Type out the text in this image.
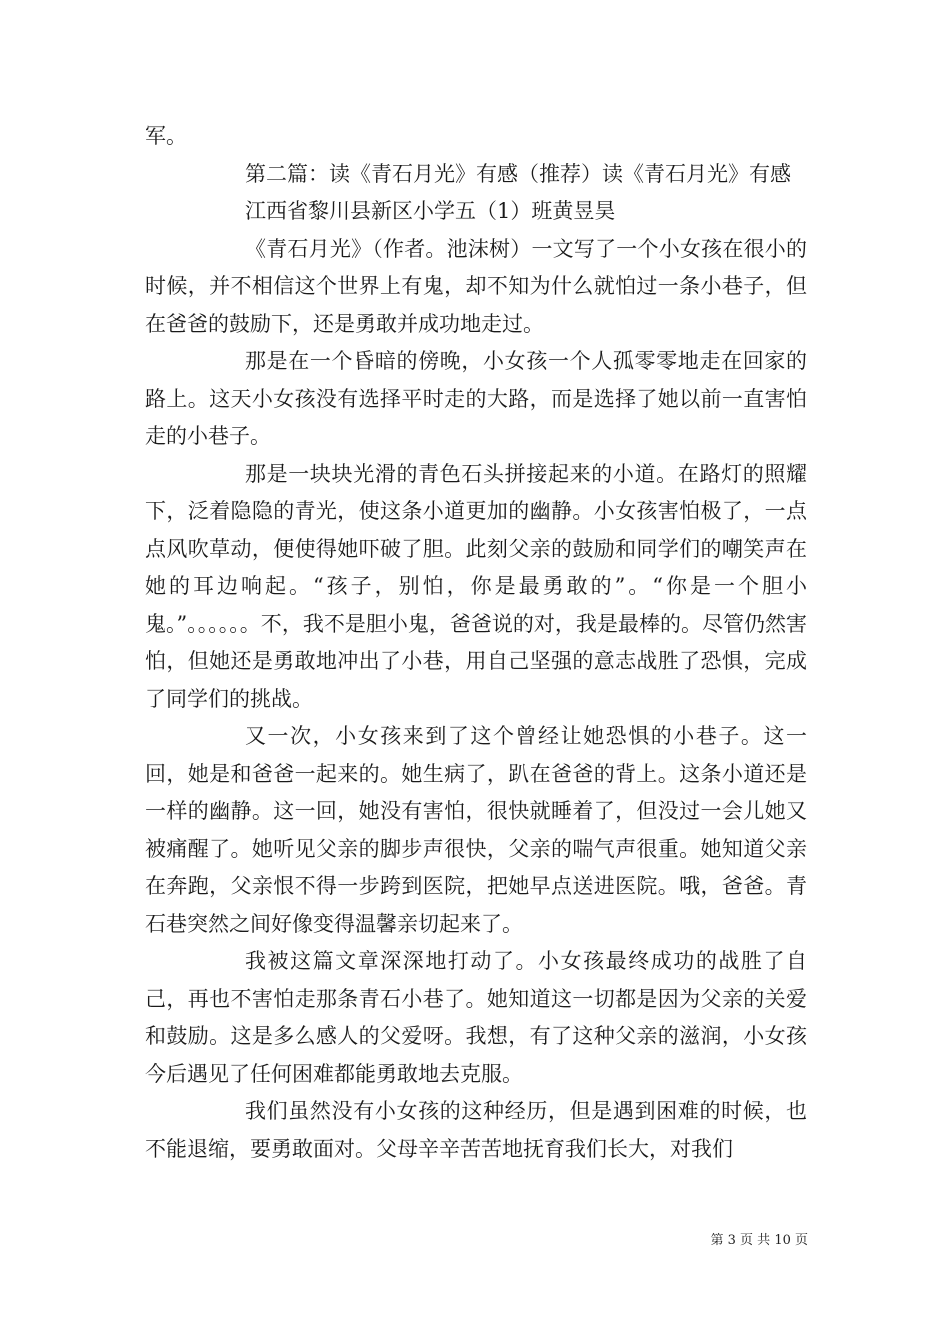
军。

第二篇：读《青石月光》有感（推荐）读《青石月光》有感

江西省黎川县新区小学五（1）班黄昱昊

《青石月光》（作者。池沫树）一文写了一个小女孩在很小的时候，并不相信这个世界上有鬼，却不知为什么就怕过一条小巷子，但在爸爸的鼓励下，还是勇敢并成功地走过。

那是在一个昏暗的傍晚，小女孩一个人孤零零地走在回家的路上。这天小女孩没有选择平时走的大路，而是选择了她以前一直害怕走的小巷子。

那是一块块光滑的青色石头拼接起来的小道。在路灯的照耀下，泛着隐隐的青光，使这条小道更加的幽静。小女孩害怕极了，一点点风吹草动，便使得她吓破了胆。此刻父亲的鼓励和同学们的嘲笑声在她的耳边响起。“孩子，别怕，你是最勇敢的”。“你是一个胆小鬼。”。。。。。。不，我不是胆小鬼，爸爸说的对，我是最棒的。尽管仍然害怕，但她还是勇敢地冲出了小巷，用自己坚强的意志战胜了恐惧，完成了同学们的挑战。

又一次，小女孩来到了这个曾经让她恐惧的小巷子。这一回，她是和爸爸一起来的。她生病了，趴在爸爸的背上。这条小道还是一样的幽静。这一回，她没有害怕，很快就睡着了，但没过一会儿她又被痛醒了。她听见父亲的脚步声很快，父亲的喘气声很重。她知道父亲在奔跑，父亲恨不得一步跨到医院，把她早点送进医院。哦，爸爸。青石巷突然之间好像变得温馨亲切起来了。

我被这篇文章深深地打动了。小女孩最终成功的战胜了自己，再也不害怕走那条青石小巷了。她知道这一切都是因为父亲的关爱和鼓励。这是多么感人的父爱呀。我想，有了这种父亲的滋润，小女孩今后遇见了任何困难都能勇敢地去克服。

我们虽然没有小女孩的这种经历，但是遇到困难的时候，也不能退缩，要勇敢面对。父母辛辛苦苦地抚育我们长大，对我们

第 3 页 共 10 页
